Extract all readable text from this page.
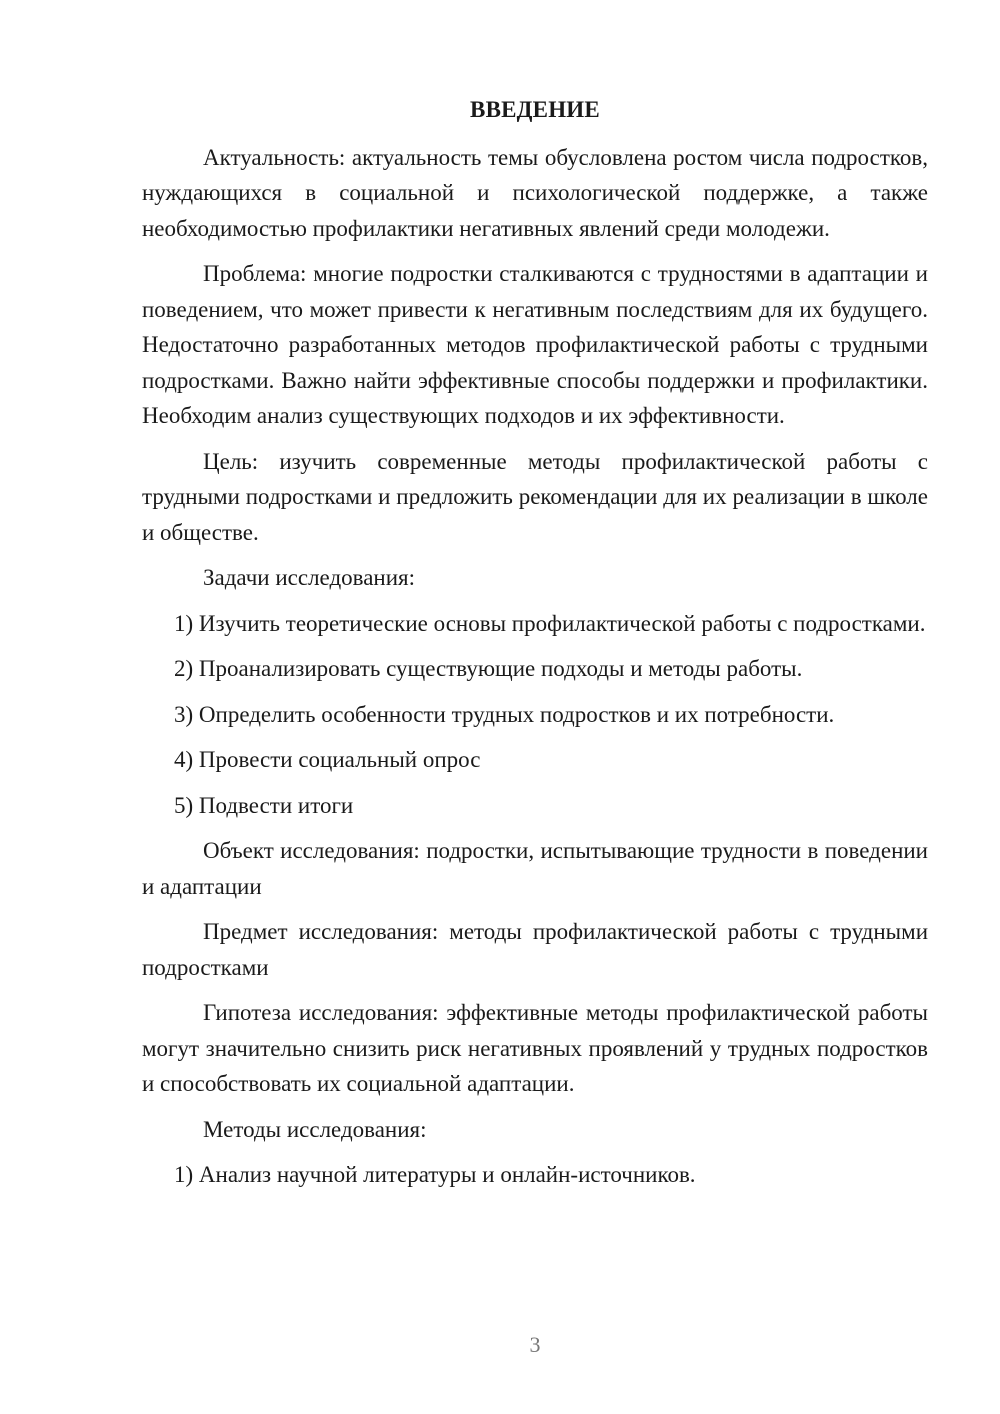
ВВЕДЕНИЕ

Актуальность: актуальность темы обусловлена ростом числа подростков, нуждающихся в социальной и психологической поддержке, а также необходимостью профилактики негативных явлений среди молодежи.

Проблема: многие подростки сталкиваются с трудностями в адаптации и поведением, что может привести к негативным последствиям для их будущего. Недостаточно разработанных методов профилактической работы с трудными подростками. Важно найти эффективные способы поддержки и профилактики. Необходим анализ существующих подходов и их эффективности.

Цель: изучить современные методы профилактической работы с трудными подростками и предложить рекомендации для их реализации в школе и обществе.

Задачи исследования:

1) Изучить теоретические основы профилактической работы с подростками.

2) Проанализировать существующие подходы и методы работы.

3) Определить особенности трудных подростков и их потребности.

4) Провести социальный опрос

5) Подвести итоги

Объект исследования: подростки, испытывающие трудности в поведении и адаптации

Предмет исследования: методы профилактической работы с трудными подростками

Гипотеза исследования: эффективные методы профилактической работы могут значительно снизить риск негативных проявлений у трудных подростков и способствовать их социальной адаптации.

Методы исследования:

1) Анализ научной литературы и онлайн-источников.

3
